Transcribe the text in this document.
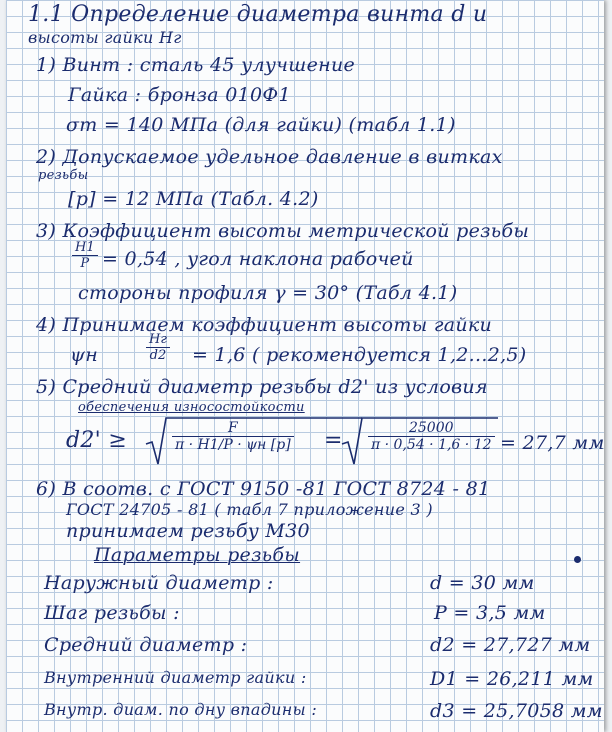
1.1 Определение диаметра винта d и
высоты гайки Hг
1) Винт : сталь 45 улучшение
Гайка : бронза 010Ф1
σт = 140 МПа (для гайки) (табл 1.1)
2) Допускаемое удельное давление в витках
резьбы
[p] = 12 МПа (Табл. 4.2)
3) Коэффициент высоты метрической резьбы
$\frac{H1}{P} = 0,54$ , угол наклона рабочей
стороны профиля γ = 30° (Табл 4.1)
4) Принимаем коэффициент высоты гайки
ψн	$\frac{Hг}{d2} = 1,6$ ( рекомендуется 1,2...2,5)
5) Средний диаметр резьбы d2' из условия
обеспечения износостойкости
d2' ≥	$\frac{F}{\pi \cdot H1/P \cdot \psi н [p]} = \frac{25000}{\pi \cdot 0,54 \cdot 1,6 \cdot 12} = 27,7$ мм
6) В соотв. с ГОСТ 9150 -81 ГОСТ 8724 - 81
ГОСТ 24705 - 81 ( табл 7 приложение 3 )
принимаем резьбу М30
Параметры резьбы
Наружный диаметр :	d = 30 мм
Шаг резьбы :	P = 3,5 мм
Средний диаметр :	d2 = 27,727 мм
Внутренний диаметр гайки :	D1 = 26,211 мм
Внутр. диам. по дну впадины :	d3 = 25,7058 мм
